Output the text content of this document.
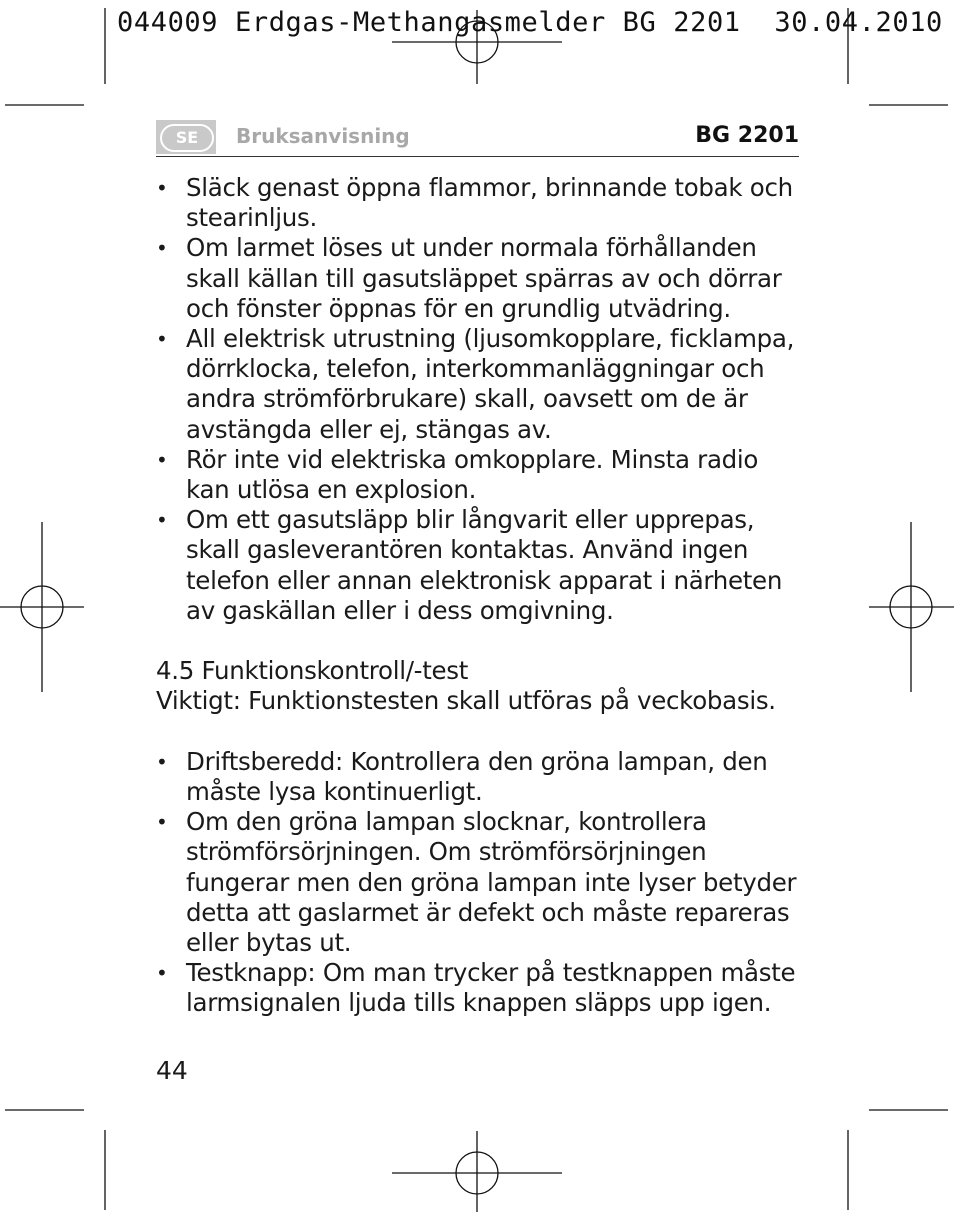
044009 Erdgas-Methangasmelder BG 2201  30.04.2010
SE	Bruksanvisning	BG 2201
• Släck genast öppna flammor, brinnande tobak och stearinljus.
• Om larmet löses ut under normala förhållanden skall källan till gasutsläppet spärras av och dörrar och fönster öppnas för en grundlig utvädring.
• All elektrisk utrustning (ljusomkopplare, ficklampa, dörrklocka, telefon, interkommanläggningar och andra strömförbrukare) skall, oavsett om de är avstängda eller ej, stängas av.
• Rör inte vid elektriska omkopplare. Minsta radio kan utlösa en explosion.
• Om ett gasutsläpp blir långvarit eller upprepas, skall gasleverantören kontaktas. Använd ingen telefon eller annan elektronisk apparat i närheten av gaskällan eller i dess omgivning.
4.5 Funktionskontroll/-test
Viktigt: Funktionstesten skall utföras på veckobasis.
• Driftsberedd: Kontrollera den gröna lampan, den måste lysa kontinuerligt.
• Om den gröna lampan slocknar, kontrollera strömförsörjningen. Om strömförsörjningen fungerar men den gröna lampan inte lyser betyder detta att gaslarmet är defekt och måste repareras eller bytas ut.
• Testknapp: Om man trycker på testknappen måste larmsignalen ljuda tills knappen släpps upp igen.
44
